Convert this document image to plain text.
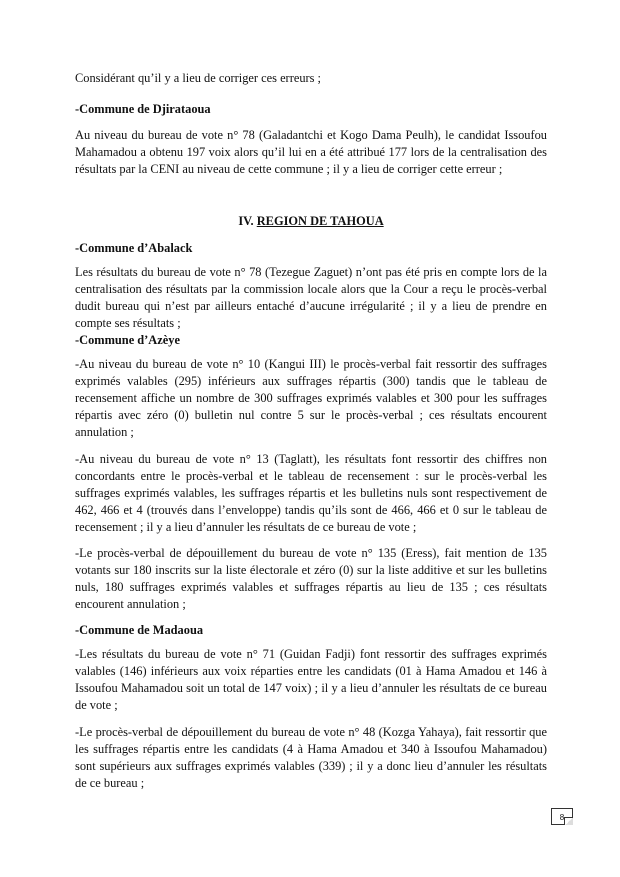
Considérant qu’il y a lieu de corriger ces erreurs ;

-Commune de Djirataoua

Au niveau du bureau de vote n° 78 (Galadantchi et Kogo Dama Peulh), le candidat Issoufou Mahamadou a obtenu 197 voix alors qu’il lui en a été attribué 177 lors de la centralisation des résultats par la CENI au niveau de cette commune ; il y a lieu de corriger cette erreur ;

IV. REGION DE TAHOUA

-Commune d’Abalack

Les résultats du bureau de vote n° 78 (Tezegue Zaguet) n’ont pas été pris en compte lors de la centralisation des résultats par la commission locale alors que la Cour a reçu le procès-verbal dudit bureau qui n’est par ailleurs entaché d’aucune irrégularité ; il y a lieu de prendre en compte ses résultats ;

-Commune d’Azèye

-Au niveau du bureau de vote n° 10 (Kangui III) le procès-verbal fait ressortir des suffrages exprimés valables (295) inférieurs aux suffrages répartis (300) tandis que le tableau de recensement affiche un nombre de 300 suffrages exprimés valables et 300 pour les suffrages répartis avec zéro (0) bulletin nul contre 5 sur le procès-verbal ; ces résultats encourent annulation ;

-Au niveau du bureau de vote n° 13 (Taglatt), les résultats font ressortir des chiffres non concordants entre le procès-verbal et le tableau de recensement : sur le procès-verbal les suffrages exprimés valables, les suffrages répartis et les bulletins nuls sont respectivement de 462, 466 et 4 (trouvés dans l’enveloppe) tandis qu’ils sont de 466, 466 et 0 sur le tableau de recensement ; il y a lieu d’annuler les résultats de ce bureau de vote ;

-Le procès-verbal de dépouillement du bureau de vote n° 135 (Eress), fait mention de 135 votants sur 180 inscrits sur la liste électorale et zéro (0) sur la liste additive et sur les bulletins nuls, 180 suffrages exprimés valables et suffrages répartis au lieu de 135 ; ces résultats encourent annulation ;

-Commune de Madaoua

-Les résultats du bureau de vote n° 71 (Guidan Fadji) font ressortir des suffrages exprimés valables (146) inférieurs aux voix réparties entre les candidats (01 à Hama Amadou et 146 à Issoufou Mahamadou soit un total de 147 voix) ; il y a lieu d’annuler les résultats de ce bureau de vote ;

-Le procès-verbal de dépouillement du bureau de vote n° 48 (Kozga Yahaya), fait ressortir que les suffrages répartis entre les candidats (4 à Hama Amadou et 340 à Issoufou Mahamadou) sont supérieurs aux suffrages exprimés valables (339) ; il y a donc lieu d’annuler les résultats de ce bureau ;

8
